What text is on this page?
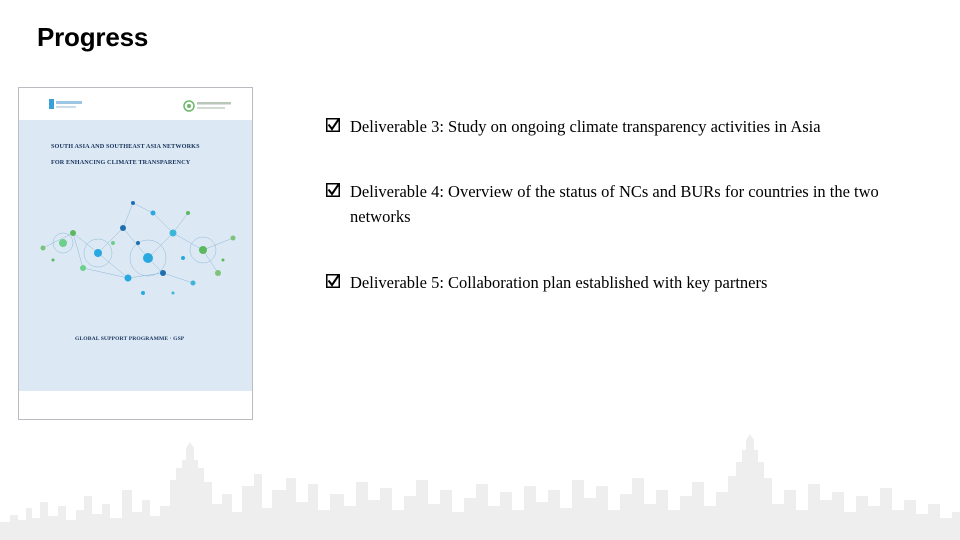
Progress
SOUTH ASIA AND SOUTHEAST ASIA NETWORKS
FOR ENHANCING CLIMATE TRANSPARENCY
GLOBAL SUPPORT PROGRAMME · GSP
Deliverable 3: Study on ongoing climate transparency activities in Asia
Deliverable 4: Overview of the status of NCs and BURs for countries in the two networks
Deliverable 5: Collaboration plan established with key partners
